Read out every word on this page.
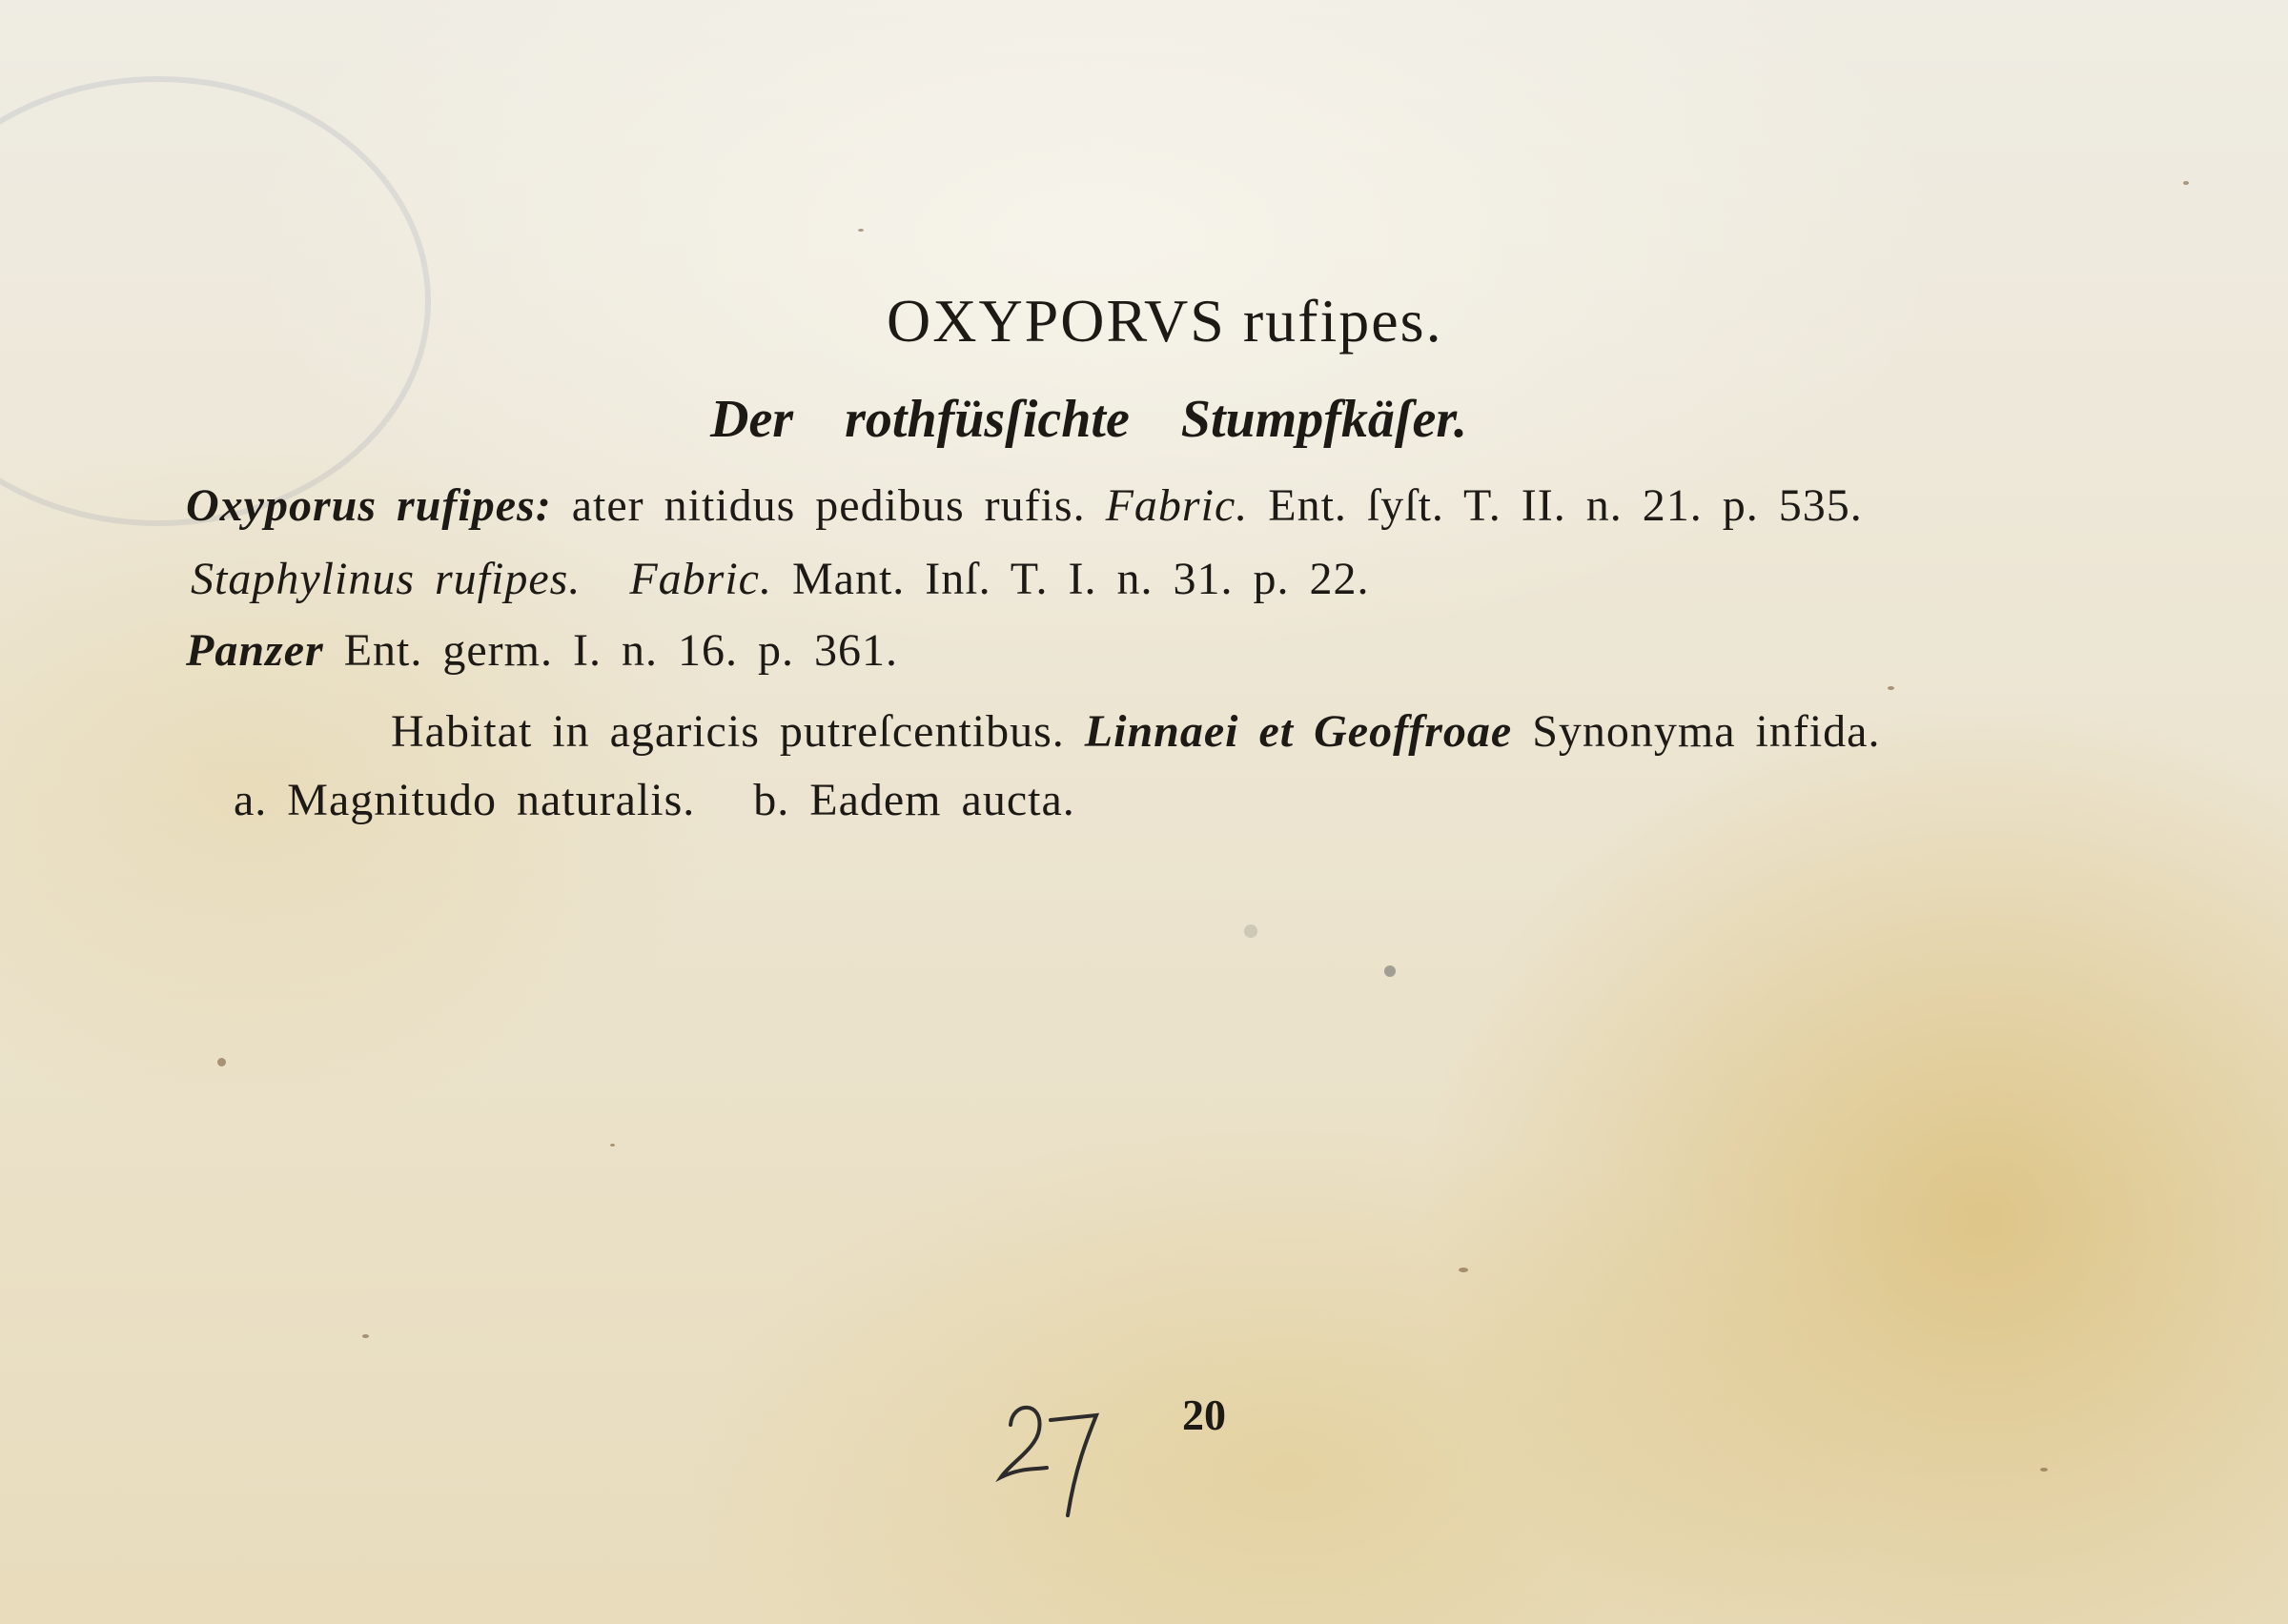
OXYPORVS rufipes.

Der rothfüsſichte Stumpfkäſer.

Oxyporus rufipes: ater nitidus pedibus rufis. Fabric. Ent. ſyſt. T. II. n. 21. p. 535.

Staphylinus rufipes. Fabric. Mant. Inſ. T. I. n. 31. p. 22.

Panzer Ent. germ. I. n. 16. p. 361.

Habitat in agaricis putreſcentibus. Linnaei et Geoffroae Synonyma infida.

a. Magnitudo naturalis. b. Eadem aucta.

20
